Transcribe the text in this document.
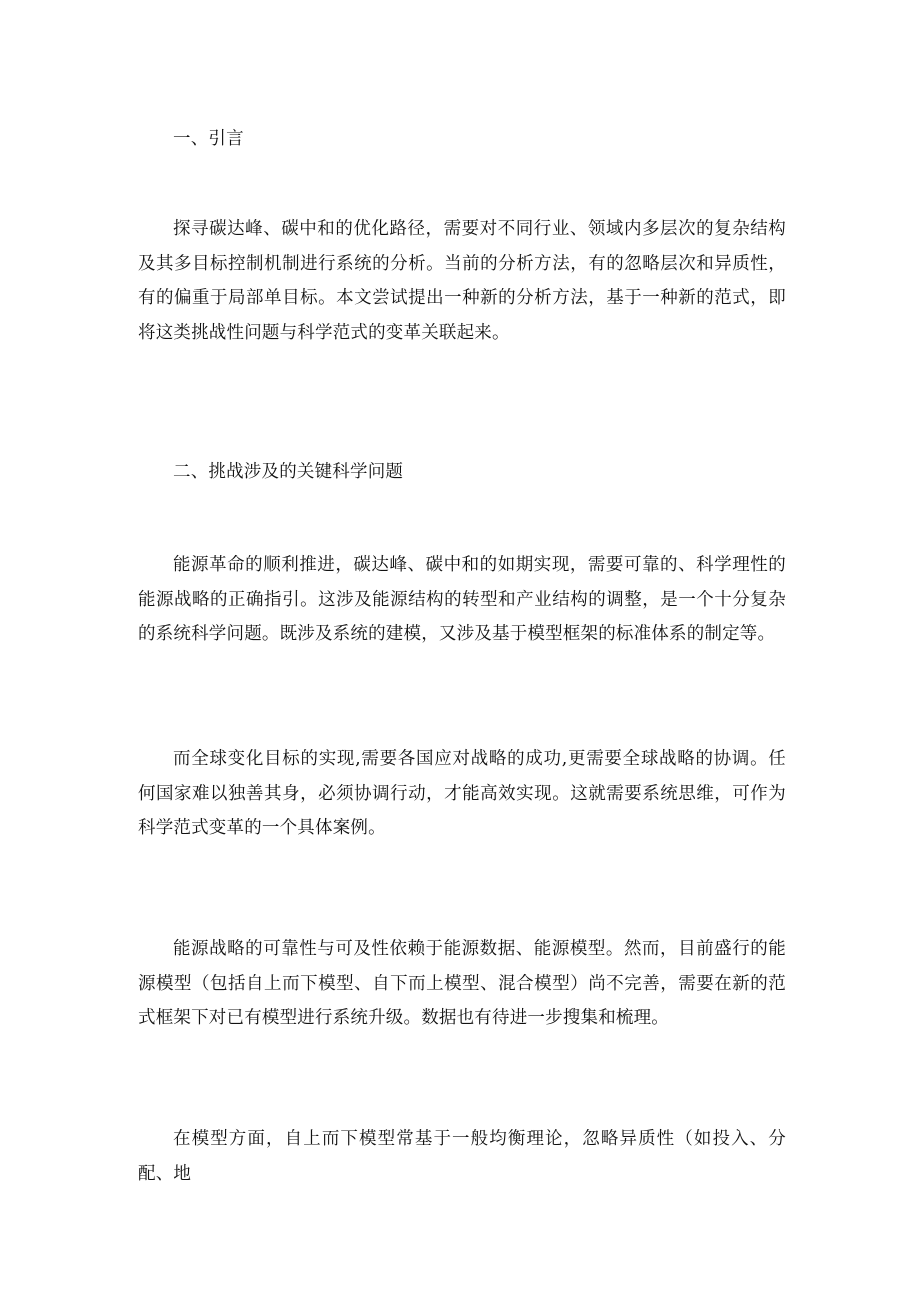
一、引言

探寻碳达峰、碳中和的优化路径，需要对不同行业、领域内多层次的复杂结构及其多目标控制机制进行系统的分析。当前的分析方法，有的忽略层次和异质性，有的偏重于局部单目标。本文尝试提出一种新的分析方法，基于一种新的范式，即将这类挑战性问题与科学范式的变革关联起来。

二、挑战涉及的关键科学问题

能源革命的顺利推进，碳达峰、碳中和的如期实现，需要可靠的、科学理性的能源战略的正确指引。这涉及能源结构的转型和产业结构的调整，是一个十分复杂的系统科学问题。既涉及系统的建模，又涉及基于模型框架的标准体系的制定等。

而全球变化目标的实现,需要各国应对战略的成功,更需要全球战略的协调。任何国家难以独善其身，必须协调行动，才能高效实现。这就需要系统思维，可作为科学范式变革的一个具体案例。

能源战略的可靠性与可及性依赖于能源数据、能源模型。然而，目前盛行的能源模型（包括自上而下模型、自下而上模型、混合模型）尚不完善，需要在新的范式框架下对已有模型进行系统升级。数据也有待进一步搜集和梳理。

在模型方面，自上而下模型常基于一般均衡理论，忽略异质性（如投入、分配、地
